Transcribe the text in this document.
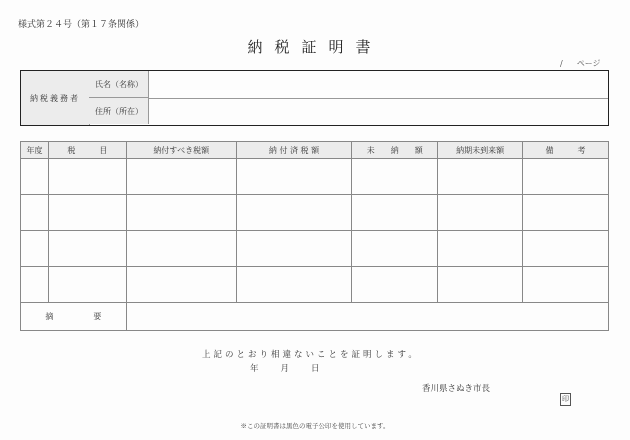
様式第２４号（第１７条関係）
納税証明書
/ ページ
納税義務者
氏名（名称）
住所（所在）
年度	税　　　目	納付すべき税額	納 付 済 税 額	未　　納　　額	納期未到来額	備　　　考

摘 要						
上記のとおり相違ないことを証明します。
年	月	日
香川県さぬき市長
印
※この証明書は黒色の電子公印を使用しています。
